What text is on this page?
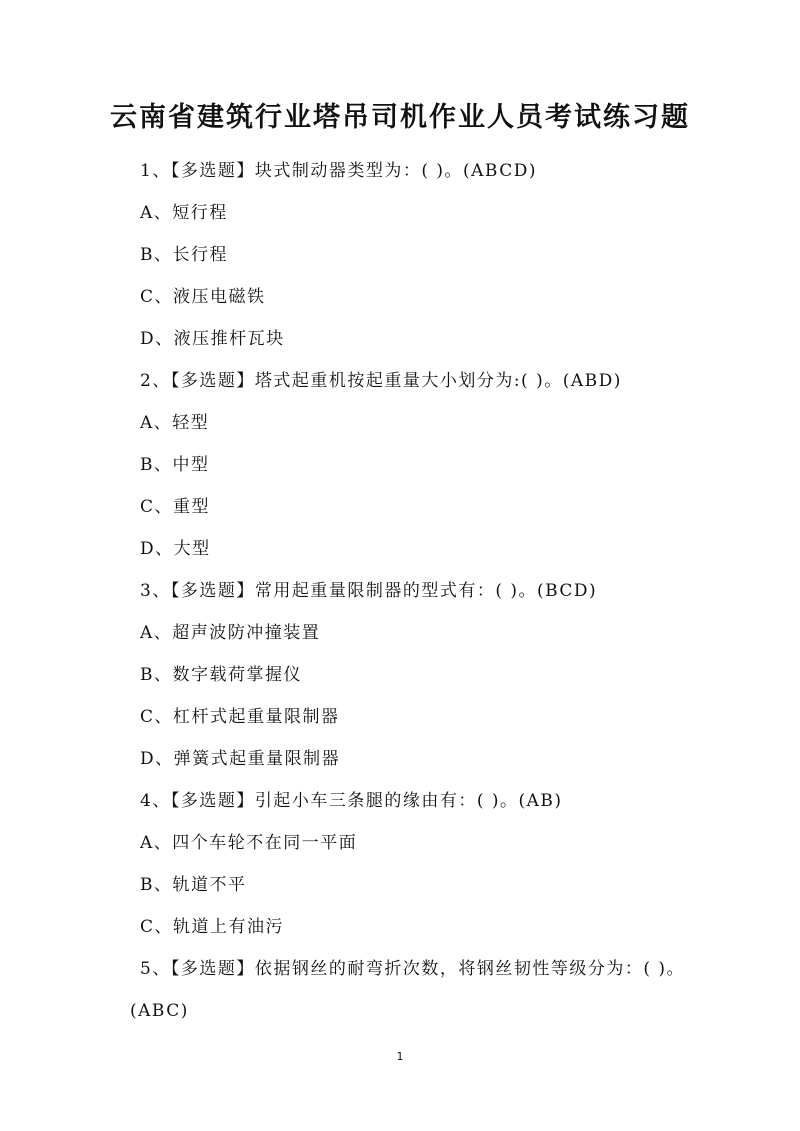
云南省建筑行业塔吊司机作业人员考试练习题
1、【多选题】块式制动器类型为：( )。(ABCD)
A、短行程
B、长行程
C、液压电磁铁
D、液压推杆瓦块
2、【多选题】塔式起重机按起重量大小划分为:( )。(ABD)
A、轻型
B、中型
C、重型
D、大型
3、【多选题】常用起重量限制器的型式有：( )。(BCD)
A、超声波防冲撞装置
B、数字载荷掌握仪
C、杠杆式起重量限制器
D、弹簧式起重量限制器
4、【多选题】引起小车三条腿的缘由有：( )。(AB)
A、四个车轮不在同一平面
B、轨道不平
C、轨道上有油污
5、【多选题】依据钢丝的耐弯折次数，将钢丝韧性等级分为：( )。
(ABC)
1
